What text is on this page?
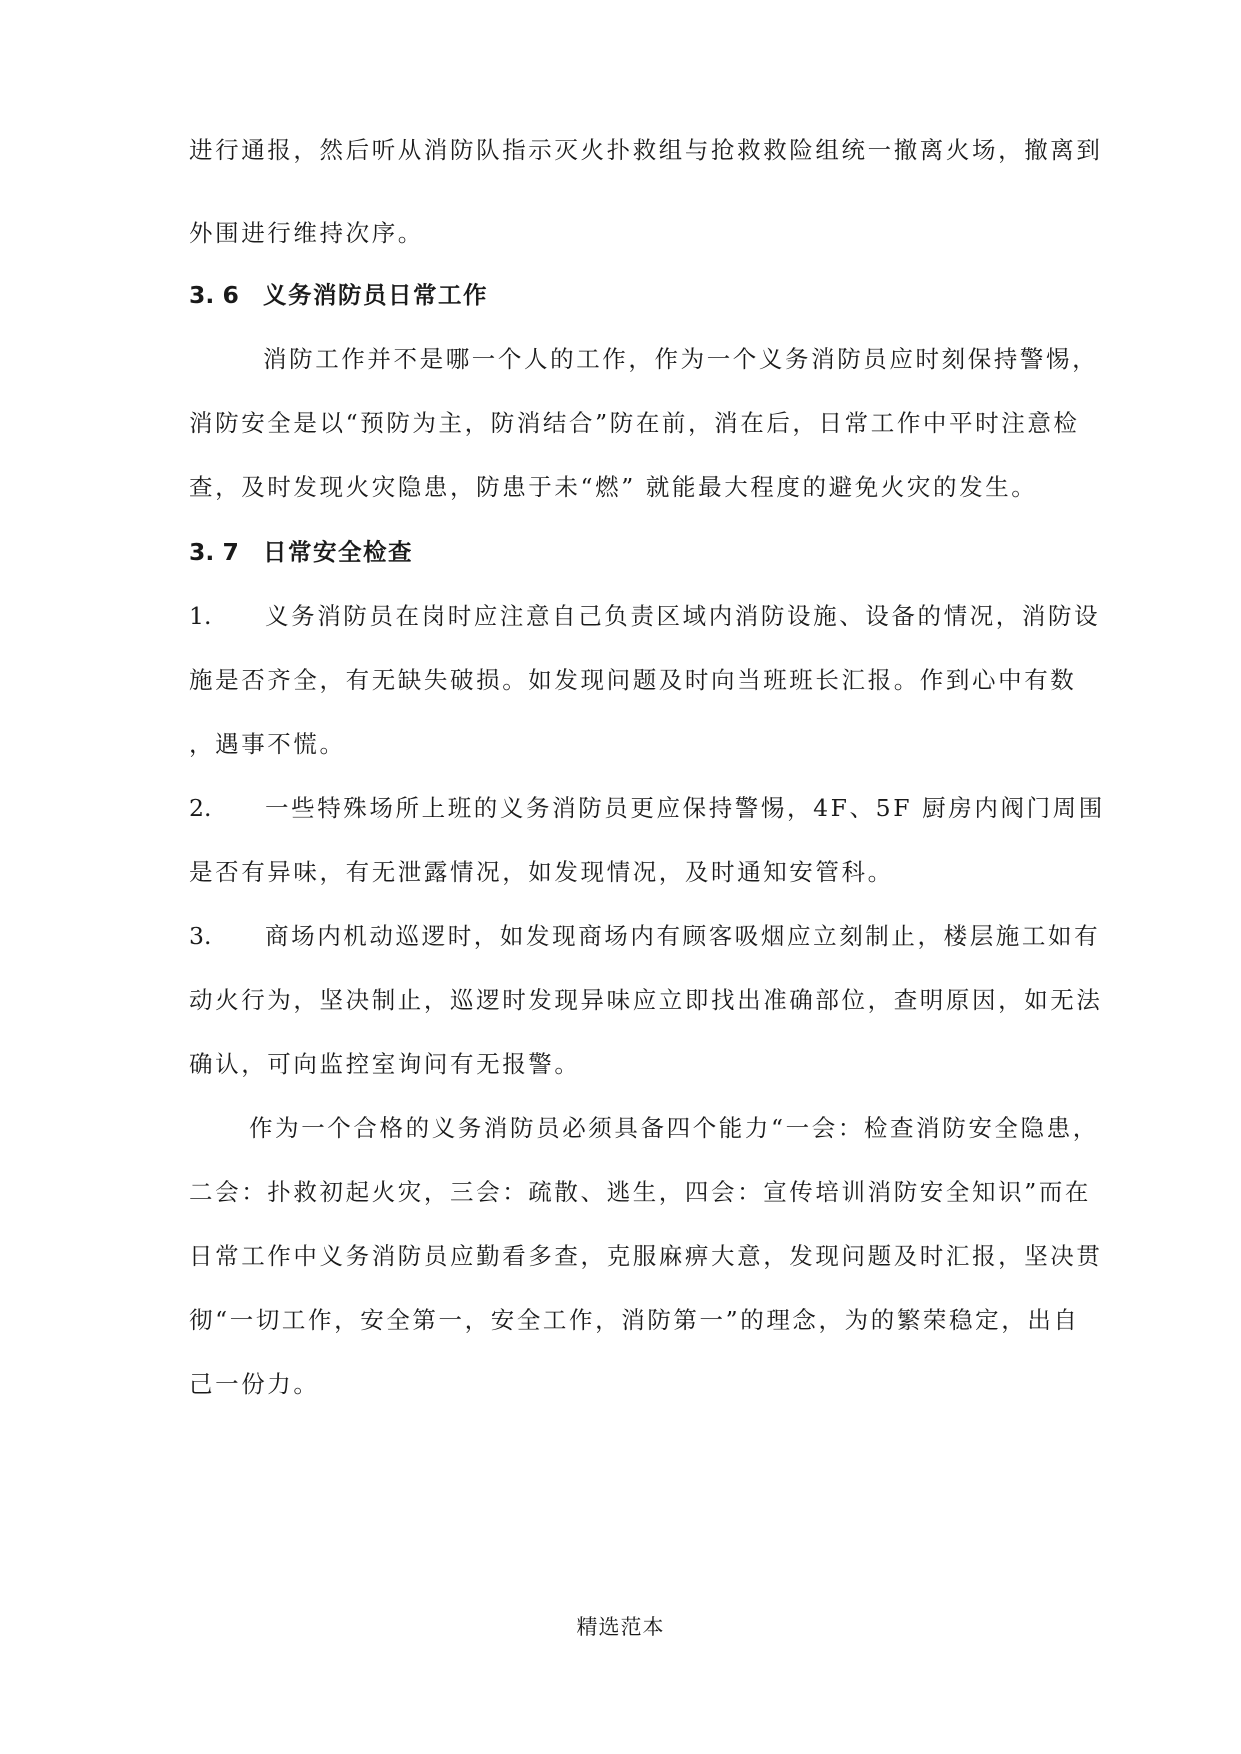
进行通报，然后听从消防队指示灭火扑救组与抢救救险组统一撤离火场，撤离到
外围进行维持次序。
3. 6 义务消防员日常工作
消防工作并不是哪一个人的工作，作为一个义务消防员应时刻保持警惕，
消防安全是以“预防为主，防消结合”防在前，消在后，日常工作中平时注意检
查，及时发现火灾隐患，防患于未“燃” 就能最大程度的避免火灾的发生。
3. 7 日常安全检查
1. 义务消防员在岗时应注意自己负责区域内消防设施、设备的情况，消防设
施是否齐全，有无缺失破损。如发现问题及时向当班班长汇报。作到心中有数
，遇事不慌。
2. 一些特殊场所上班的义务消防员更应保持警惕，4F、5F 厨房内阀门周围
是否有异味，有无泄露情况，如发现情况，及时通知安管科。
3. 商场内机动巡逻时，如发现商场内有顾客吸烟应立刻制止，楼层施工如有
动火行为，坚决制止，巡逻时发现异味应立即找出准确部位，查明原因，如无法
确认，可向监控室询问有无报警。
作为一个合格的义务消防员必须具备四个能力“一会：检查消防安全隐患，
二会：扑救初起火灾，三会：疏散、逃生，四会：宣传培训消防安全知识”而在
日常工作中义务消防员应勤看多查，克服麻痹大意，发现问题及时汇报，坚决贯
彻“一切工作，安全第一，安全工作，消防第一”的理念，为的繁荣稳定，出自
己一份力。
精选范本
